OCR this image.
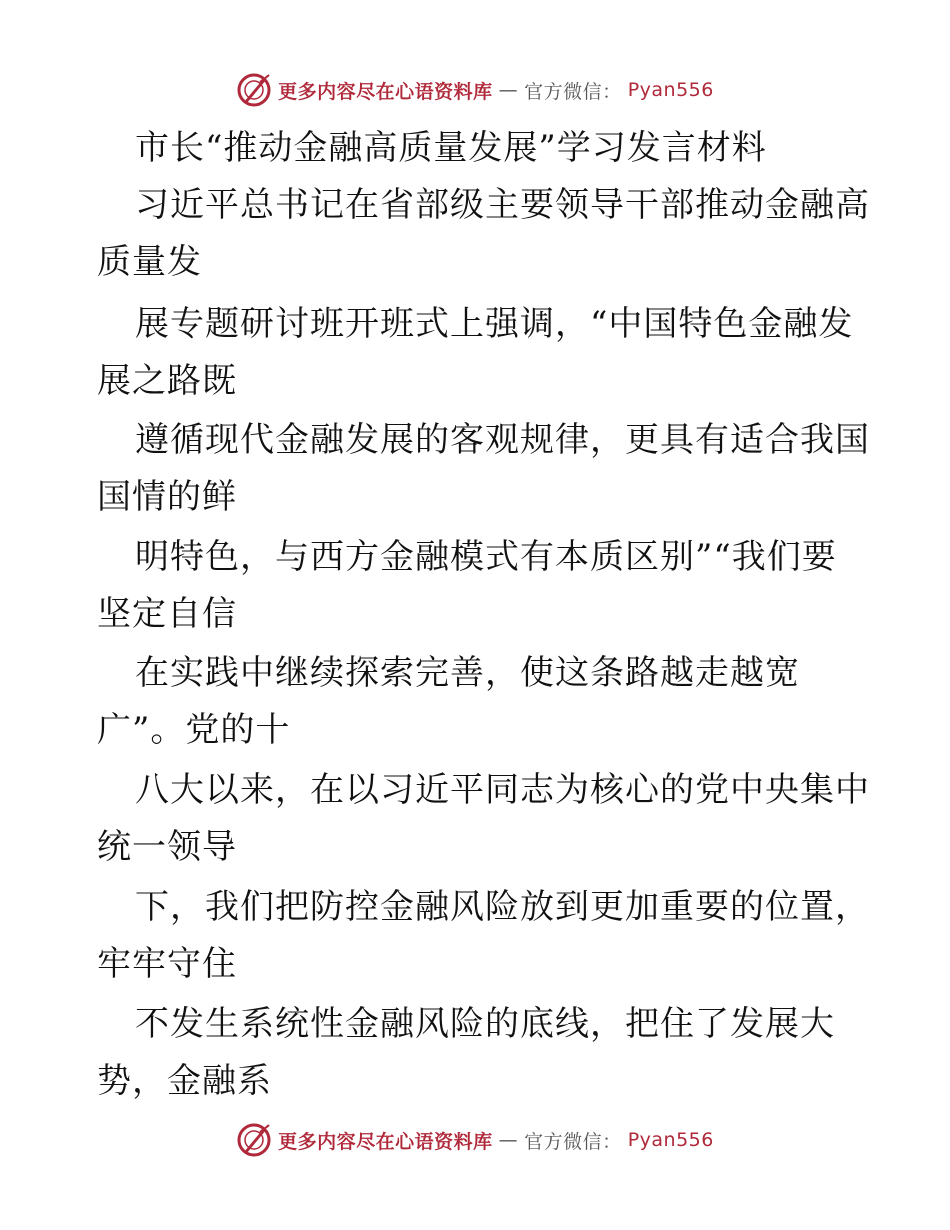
更多内容尽在心语资料库 — 官方微信： Pyan556
市长“推动金融高质量发展”学习发言材料
习近平总书记在省部级主要领导干部推动金融高
质量发
展专题研讨班开班式上强调，“中国特色金融发
展之路既
遵循现代金融发展的客观规律，更具有适合我国
国情的鲜
明特色，与西方金融模式有本质区别”“我们要
坚定自信
在实践中继续探索完善，使这条路越走越宽
广”。党的十
八大以来，在以习近平同志为核心的党中央集中
统一领导
下，我们把防控金融风险放到更加重要的位置，
牢牢守住
不发生系统性金融风险的底线，把住了发展大
势，金融系
更多内容尽在心语资料库 — 官方微信： Pyan556
